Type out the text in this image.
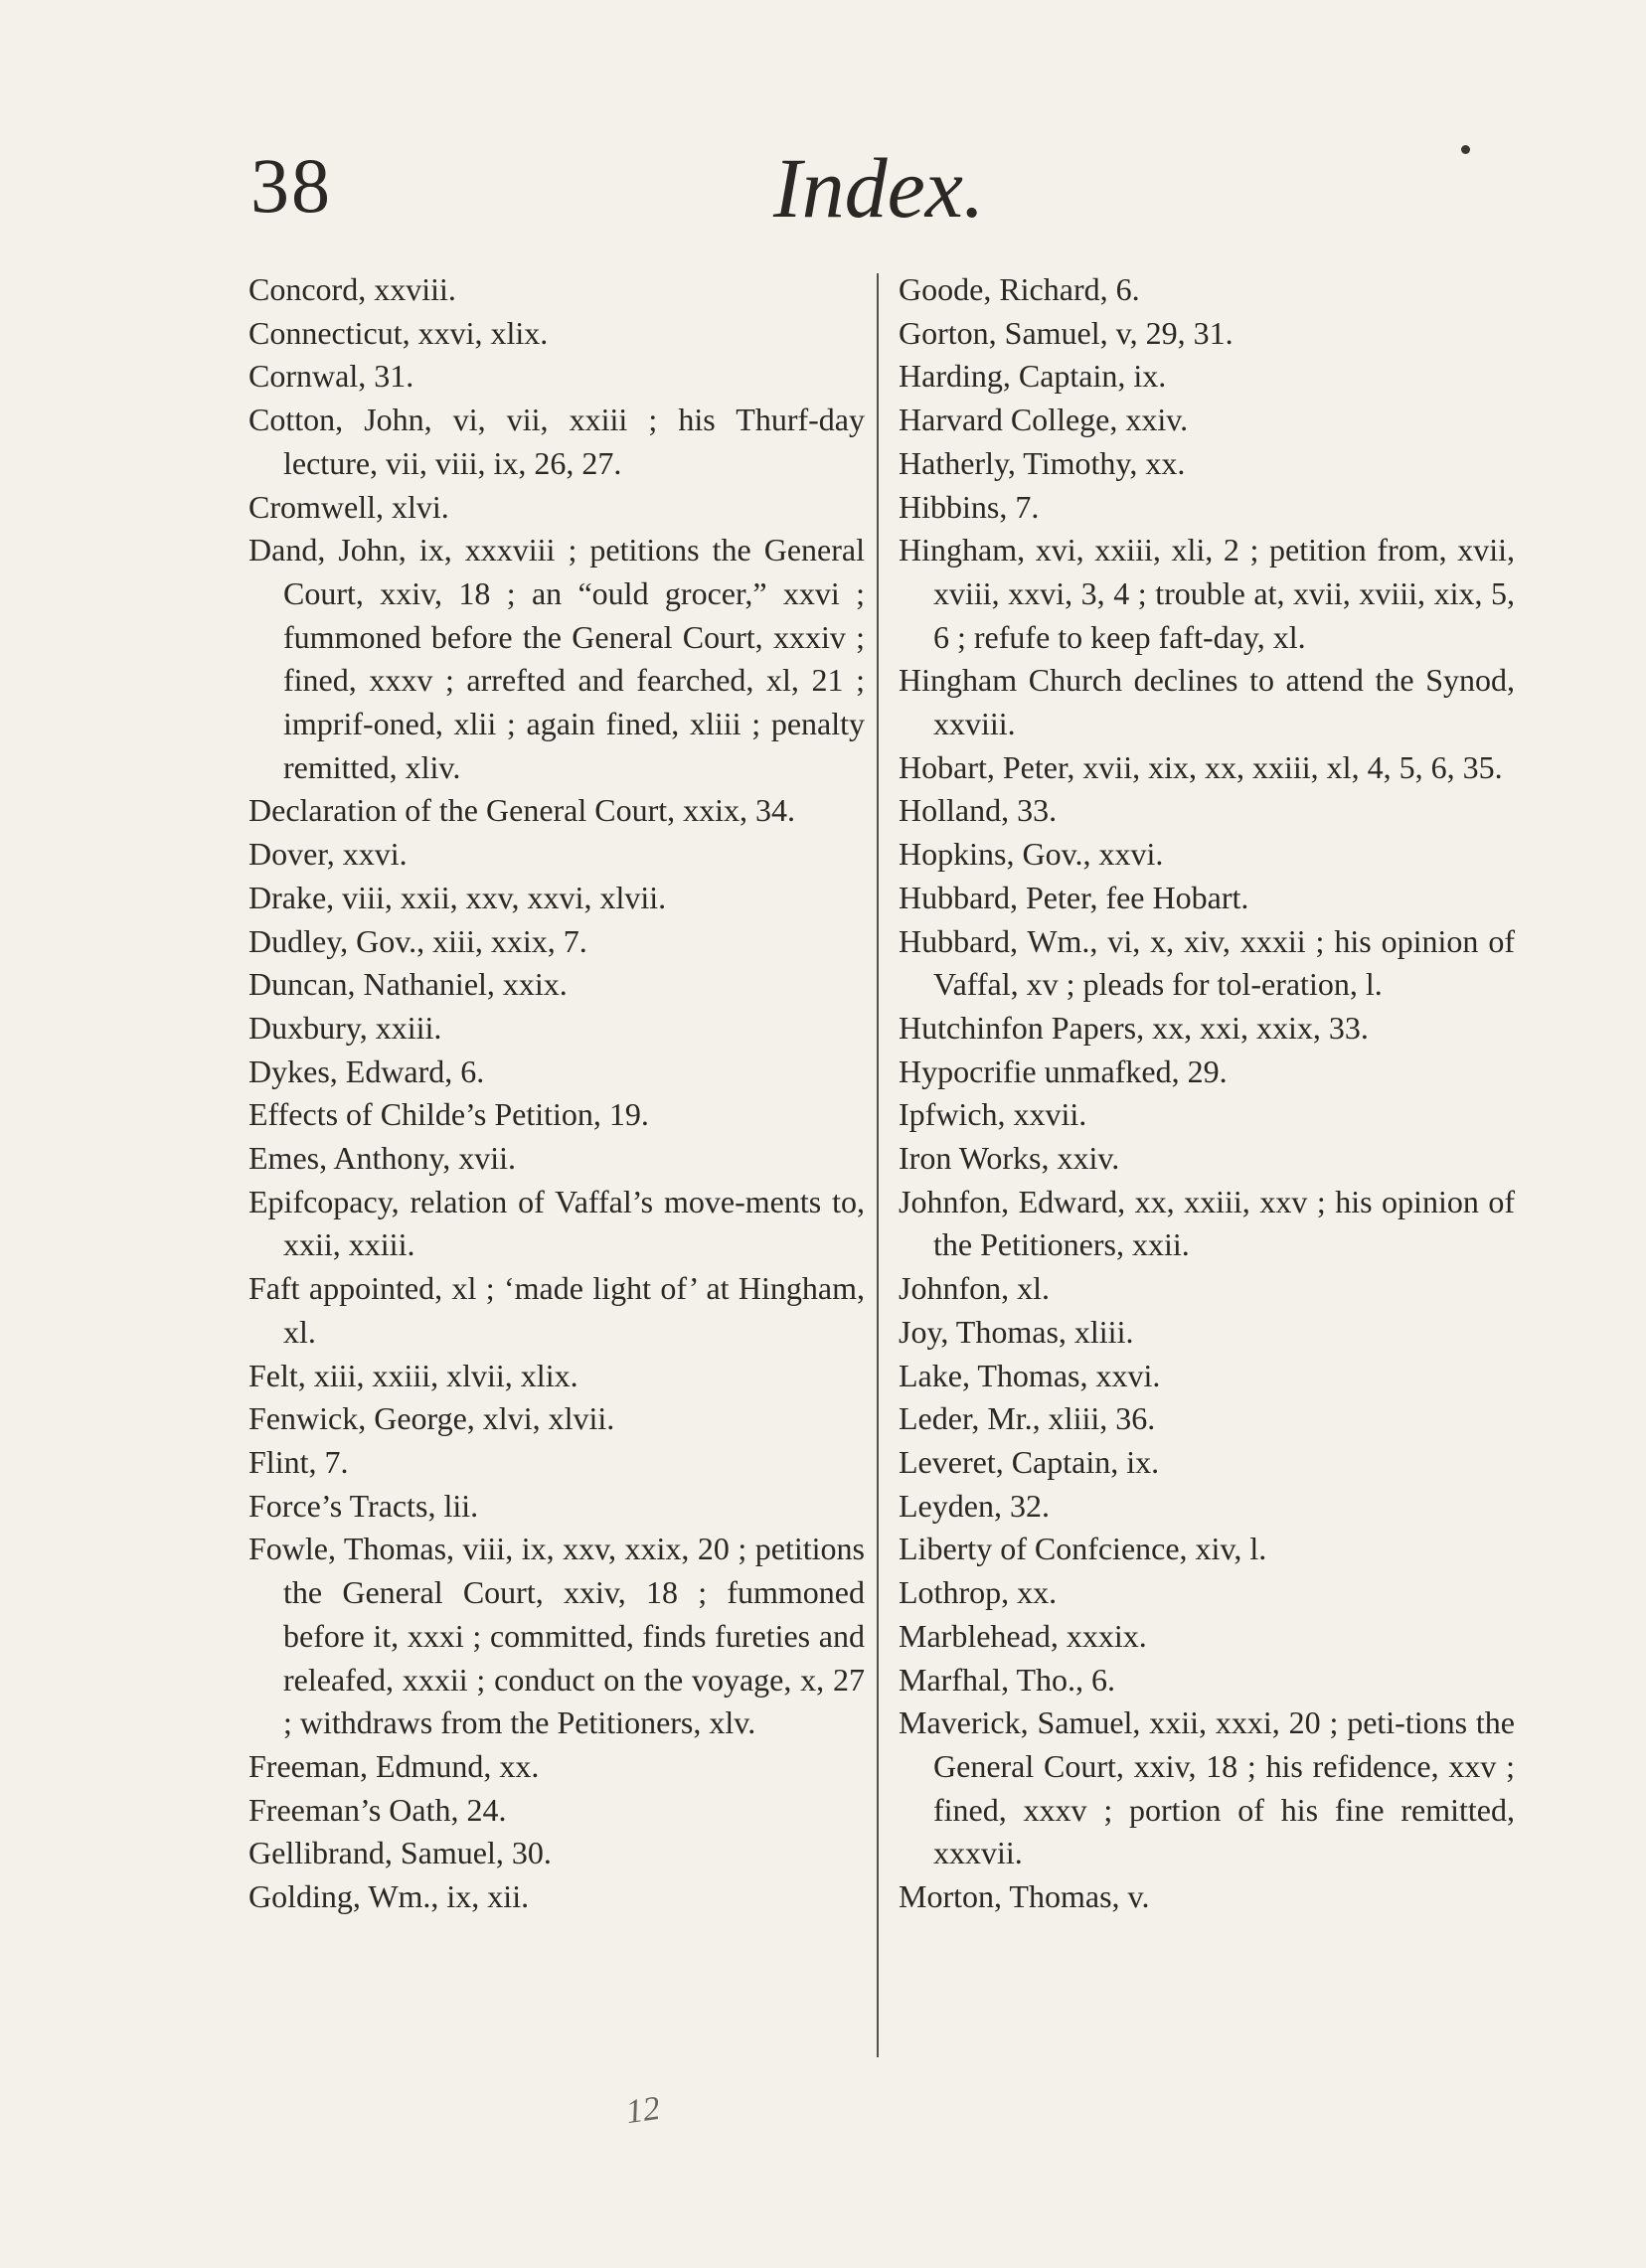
38	Index.

Concord, xxviii.

Connecticut, xxvi, xlix.

Cornwal, 31.

Cotton, John, vi, vii, xxiii ; his Thurf-day lecture, vii, viii, ix, 26, 27.

Cromwell, xlvi.

Dand, John, ix, xxxviii ; petitions the General Court, xxiv, 18 ; an “ould grocer,” xxvi ; fummoned before the General Court, xxxiv ; fined, xxxv ; arrefted and fearched, xl, 21 ; imprif-oned, xlii ; again fined, xliii ; penalty remitted, xliv.

Declaration of the General Court, xxix, 34.

Dover, xxvi.

Drake, viii, xxii, xxv, xxvi, xlvii.

Dudley, Gov., xiii, xxix, 7.

Duncan, Nathaniel, xxix.

Duxbury, xxiii.

Dykes, Edward, 6.

Effects of Childe’s Petition, 19.

Emes, Anthony, xvii.

Epifcopacy, relation of Vaffal’s move-ments to, xxii, xxiii.

Faft appointed, xl ; ‘made light of’ at Hingham, xl.

Felt, xiii, xxiii, xlvii, xlix.

Fenwick, George, xlvi, xlvii.

Flint, 7.

Force’s Tracts, lii.

Fowle, Thomas, viii, ix, xxv, xxix, 20 ; petitions the General Court, xxiv, 18 ; fummoned before it, xxxi ; committed, finds fureties and releafed, xxxii ; conduct on the voyage, x, 27 ; withdraws from the Petitioners, xlv.

Freeman, Edmund, xx.

Freeman’s Oath, 24.

Gellibrand, Samuel, 30.

Golding, Wm., ix, xii.

Goode, Richard, 6.

Gorton, Samuel, v, 29, 31.

Harding, Captain, ix.

Harvard College, xxiv.

Hatherly, Timothy, xx.

Hibbins, 7.

Hingham, xvi, xxiii, xli, 2 ; petition from, xvii, xviii, xxvi, 3, 4 ; trouble at, xvii, xviii, xix, 5, 6 ; refufe to keep faft-day, xl.

Hingham Church declines to attend the Synod, xxviii.

Hobart, Peter, xvii, xix, xx, xxiii, xl, 4, 5, 6, 35.

Holland, 33.

Hopkins, Gov., xxvi.

Hubbard, Peter, fee Hobart.

Hubbard, Wm., vi, x, xiv, xxxii ; his opinion of Vaffal, xv ; pleads for tol-eration, l.

Hutchinfon Papers, xx, xxi, xxix, 33.

Hypocrifie unmafked, 29.

Ipfwich, xxvii.

Iron Works, xxiv.

Johnfon, Edward, xx, xxiii, xxv ; his opinion of the Petitioners, xxii.

Johnfon, xl.

Joy, Thomas, xliii.

Lake, Thomas, xxvi.

Leder, Mr., xliii, 36.

Leveret, Captain, ix.

Leyden, 32.

Liberty of Confcience, xiv, l.

Lothrop, xx.

Marblehead, xxxix.

Marfhal, Tho., 6.

Maverick, Samuel, xxii, xxxi, 20 ; peti-tions the General Court, xxiv, 18 ; his refidence, xxv ; fined, xxxv ; portion of his fine remitted, xxxvii.

Morton, Thomas, v.

12
